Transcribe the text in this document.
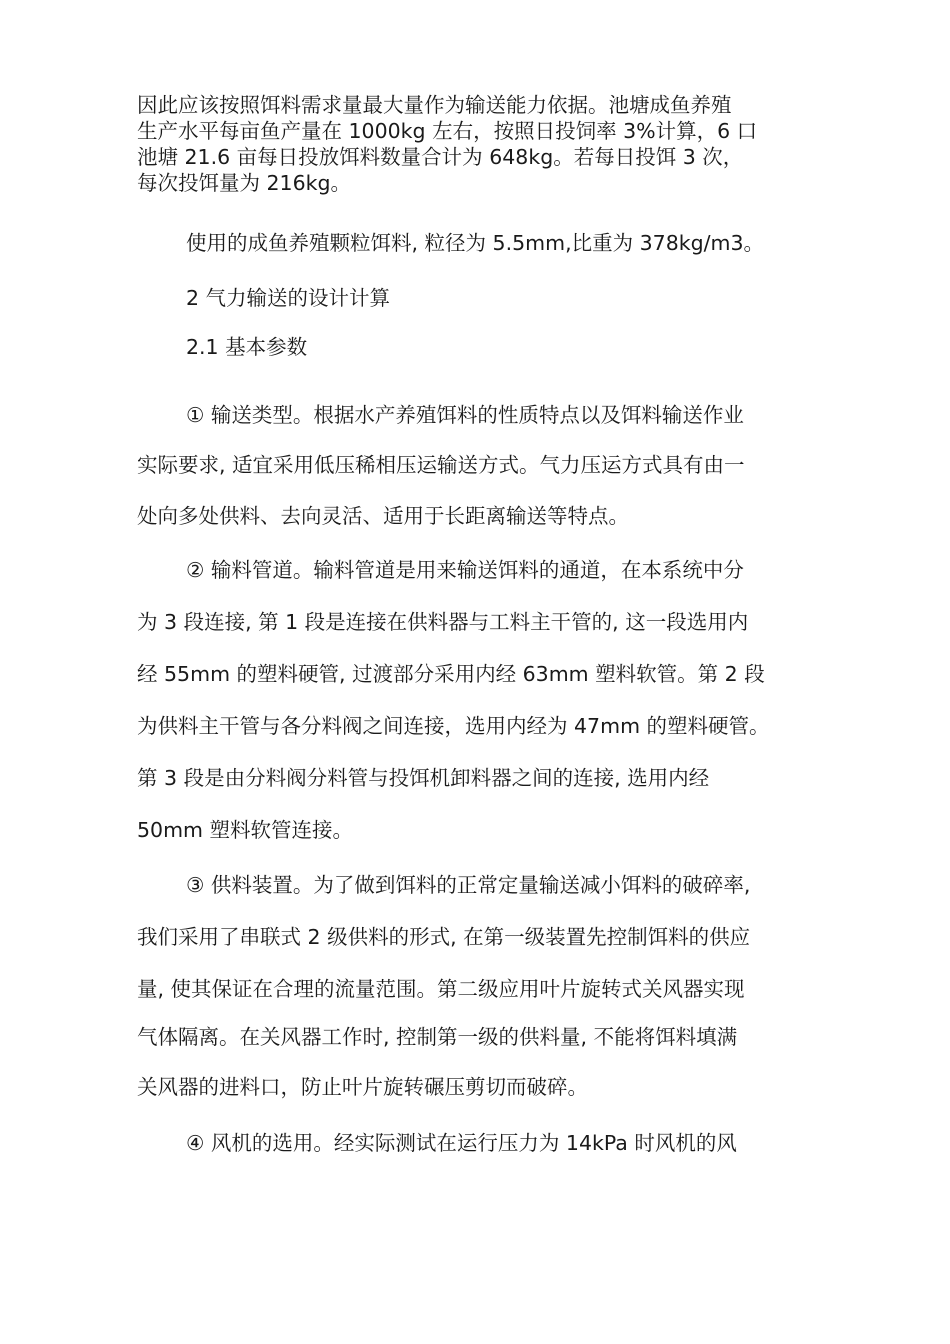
因此应该按照饵料需求量最大量作为输送能力依据。池塘成鱼养殖
生产水平每亩鱼产量在 1000kg 左右，按照日投饲率 3%计算，6 口
池塘 21.6 亩每日投放饵料数量合计为 648kg。若每日投饵 3 次，
每次投饵量为 216kg。
使用的成鱼养殖颗粒饵料, 粒径为 5.5mm,比重为 378kg/m3。
2 气力输送的设计计算
2.1 基本参数
① 输送类型。根据水产养殖饵料的性质特点以及饵料输送作业
实际要求, 适宜采用低压稀相压运输送方式。气力压运方式具有由一
处向多处供料、去向灵活、适用于长距离输送等特点。
② 输料管道。输料管道是用来输送饵料的通道，在本系统中分
为 3 段连接, 第 1 段是连接在供料器与工料主干管的, 这一段选用内
经 55mm 的塑料硬管, 过渡部分采用内经 63mm 塑料软管。第 2 段
为供料主干管与各分料阀之间连接，选用内经为 47mm 的塑料硬管。
第 3 段是由分料阀分料管与投饵机卸料器之间的连接, 选用内经
50mm 塑料软管连接。
③ 供料装置。为了做到饵料的正常定量输送减小饵料的破碎率,
我们采用了串联式 2 级供料的形式, 在第一级装置先控制饵料的供应
量, 使其保证在合理的流量范围。第二级应用叶片旋转式关风器实现
气体隔离。在关风器工作时, 控制第一级的供料量, 不能将饵料填满
关风器的进料口，防止叶片旋转碾压剪切而破碎。
④ 风机的选用。经实际测试在运行压力为 14kPa 时风机的风
